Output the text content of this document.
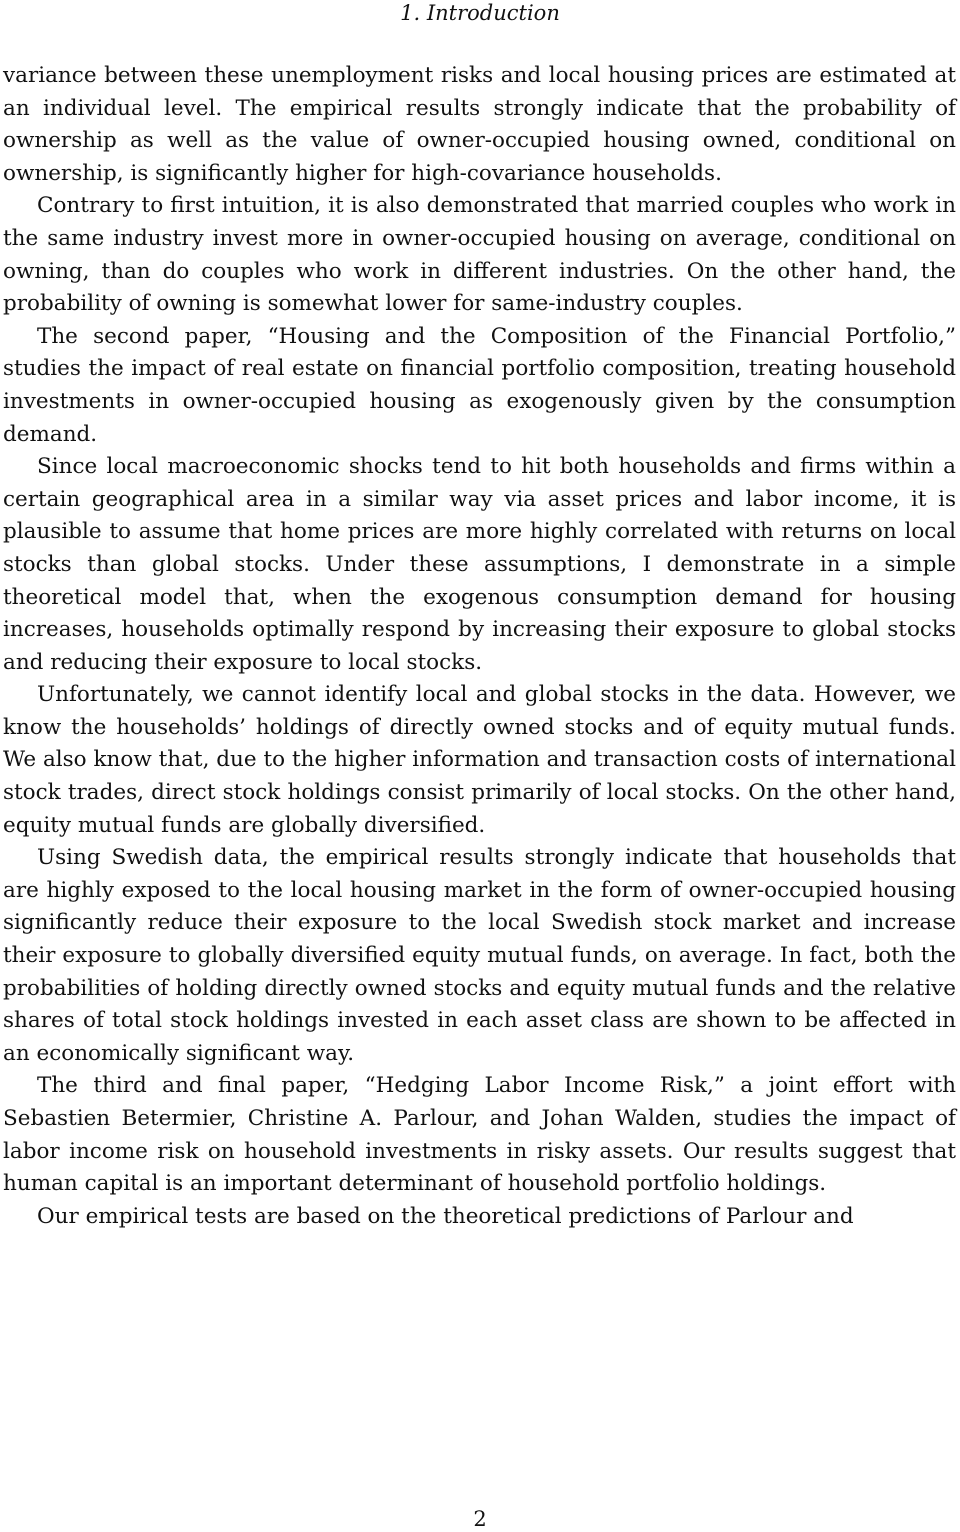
1. Introduction

variance between these unemployment risks and local housing prices are estimated at an individual level. The empirical results strongly indicate that the probability of ownership as well as the value of owner-occupied housing owned, conditional on ownership, is significantly higher for high-covariance households.

Contrary to first intuition, it is also demonstrated that married couples who work in the same industry invest more in owner-occupied housing on average, conditional on owning, than do couples who work in different industries. On the other hand, the probability of owning is somewhat lower for same-industry couples.

The second paper, “Housing and the Composition of the Financial Portfolio,” studies the impact of real estate on financial portfolio composition, treating household investments in owner-occupied housing as exogenously given by the consumption demand.

Since local macroeconomic shocks tend to hit both households and firms within a certain geographical area in a similar way via asset prices and labor income, it is plausible to assume that home prices are more highly correlated with returns on local stocks than global stocks. Under these assumptions, I demonstrate in a simple theoretical model that, when the exogenous consumption demand for housing increases, households optimally respond by increasing their exposure to global stocks and reducing their exposure to local stocks.

Unfortunately, we cannot identify local and global stocks in the data. However, we know the households’ holdings of directly owned stocks and of equity mutual funds. We also know that, due to the higher information and transaction costs of international stock trades, direct stock holdings consist primarily of local stocks. On the other hand, equity mutual funds are globally diversified.

Using Swedish data, the empirical results strongly indicate that households that are highly exposed to the local housing market in the form of owner-occupied housing significantly reduce their exposure to the local Swedish stock market and increase their exposure to globally diversified equity mutual funds, on average. In fact, both the probabilities of holding directly owned stocks and equity mutual funds and the relative shares of total stock holdings invested in each asset class are shown to be affected in an economically significant way.

The third and final paper, “Hedging Labor Income Risk,” a joint effort with Sebastien Betermier, Christine A. Parlour, and Johan Walden, studies the impact of labor income risk on household investments in risky assets. Our results suggest that human capital is an important determinant of household portfolio holdings.

Our empirical tests are based on the theoretical predictions of Parlour and

2
